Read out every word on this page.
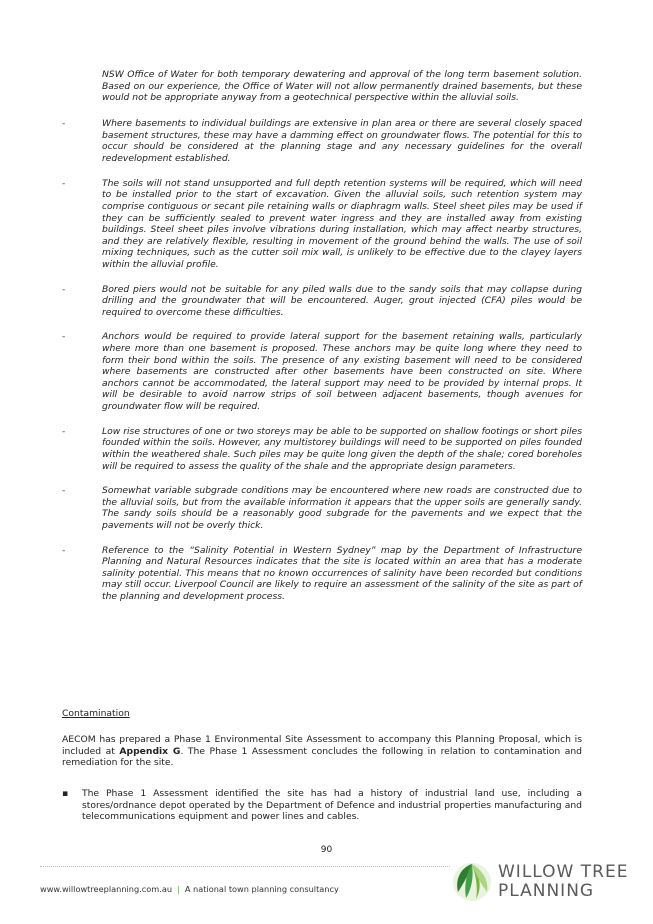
NSW Office of Water for both temporary dewatering and approval of the long term basement solution. Based on our experience, the Office of Water will not allow permanently drained basements, but these would not be appropriate anyway from a geotechnical perspective within the alluvial soils.
-	Where basements to individual buildings are extensive in plan area or there are several closely spaced basement structures, these may have a damming effect on groundwater flows. The potential for this to occur should be considered at the planning stage and any necessary guidelines for the overall redevelopment established.
-	The soils will not stand unsupported and full depth retention systems will be required, which will need to be installed prior to the start of excavation. Given the alluvial soils, such retention system may comprise contiguous or secant pile retaining walls or diaphragm walls. Steel sheet piles may be used if they can be sufficiently sealed to prevent water ingress and they are installed away from existing buildings. Steel sheet piles involve vibrations during installation, which may affect nearby structures, and they are relatively flexible, resulting in movement of the ground behind the walls. The use of soil mixing techniques, such as the cutter soil mix wall, is unlikely to be effective due to the clayey layers within the alluvial profile.
-	Bored piers would not be suitable for any piled walls due to the sandy soils that may collapse during drilling and the groundwater that will be encountered. Auger, grout injected (CFA) piles would be required to overcome these difficulties.
-	Anchors would be required to provide lateral support for the basement retaining walls, particularly where more than one basement is proposed. These anchors may be quite long where they need to form their bond within the soils. The presence of any existing basement will need to be considered where basements are constructed after other basements have been constructed on site. Where anchors cannot be accommodated, the lateral support may need to be provided by internal props. It will be desirable to avoid narrow strips of soil between adjacent basements, though avenues for groundwater flow will be required.
-	Low rise structures of one or two storeys may be able to be supported on shallow footings or short piles founded within the soils. However, any multistorey buildings will need to be supported on piles founded within the weathered shale. Such piles may be quite long given the depth of the shale; cored boreholes will be required to assess the quality of the shale and the appropriate design parameters.
-	Somewhat variable subgrade conditions may be encountered where new roads are constructed due to the alluvial soils, but from the available information it appears that the upper soils are generally sandy. The sandy soils should be a reasonably good subgrade for the pavements and we expect that the pavements will not be overly thick.
-	Reference to the “Salinity Potential in Western Sydney” map by the Department of Infrastructure Planning and Natural Resources indicates that the site is located within an area that has a moderate salinity potential. This means that no known occurrences of salinity have been recorded but conditions may still occur. Liverpool Council are likely to require an assessment of the salinity of the site as part of the planning and development process.
Contamination
AECOM has prepared a Phase 1 Environmental Site Assessment to accompany this Planning Proposal, which is included at Appendix G. The Phase 1 Assessment concludes the following in relation to contamination and remediation for the site.
▪ The Phase 1 Assessment identified the site has had a history of industrial land use, including a stores/ordnance depot operated by the Department of Defence and industrial properties manufacturing and telecommunications equipment and power lines and cables.
90
www.willowtreeplanning.com.au | A national town planning consultancy
WILLOW TREE
PLANNING
